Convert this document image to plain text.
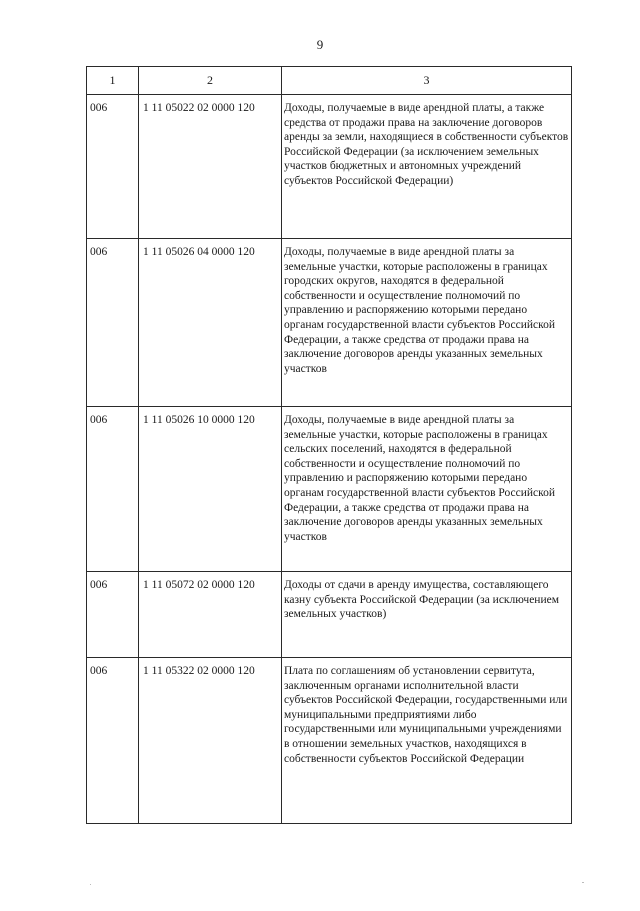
9
1	2	3

006	1 11 05022 02 0000 120	Доходы, получаемые в виде арендной платы, а также средства от продажи права на заключение договоров аренды за земли, находящиеся в собственности субъектов Российской Федерации (за исключением земельных участков бюджетных и автономных учреждений субъектов Российской Федерации)

006	1 11 05026 04 0000 120	Доходы, получаемые в виде арендной платы за земельные участки, которые расположены в границах городских округов, находятся в федеральной собственности и осуществление полномочий по управлению и распоряжению которыми передано органам государственной власти субъектов Российской Федерации, а также средства от продажи права на заключение договоров аренды указанных земельных участков

006	1 11 05026 10 0000 120	Доходы, получаемые в виде арендной платы за земельные участки, которые расположены в границах сельских поселений, находятся в федеральной собственности и осуществление полномочий по управлению и распоряжению которыми передано органам государственной власти субъектов Российской Федерации, а также средства от продажи права на заключение договоров аренды указанных земельных участков

006	1 11 05072 02 0000 120	Доходы от сдачи в аренду имущества, составляющего казну субъекта Российской Федерации (за исключением земельных участков)

006	1 11 05322 02 0000 120	Плата по соглашениям об установлении сервитута, заключенным органами исполнительной власти субъектов Российской Федерации, государственными или муниципальными предприятиями либо государственными или муниципальными учреждениями в отношении земельных участков, находящихся в собственности субъектов Российской Федерации
